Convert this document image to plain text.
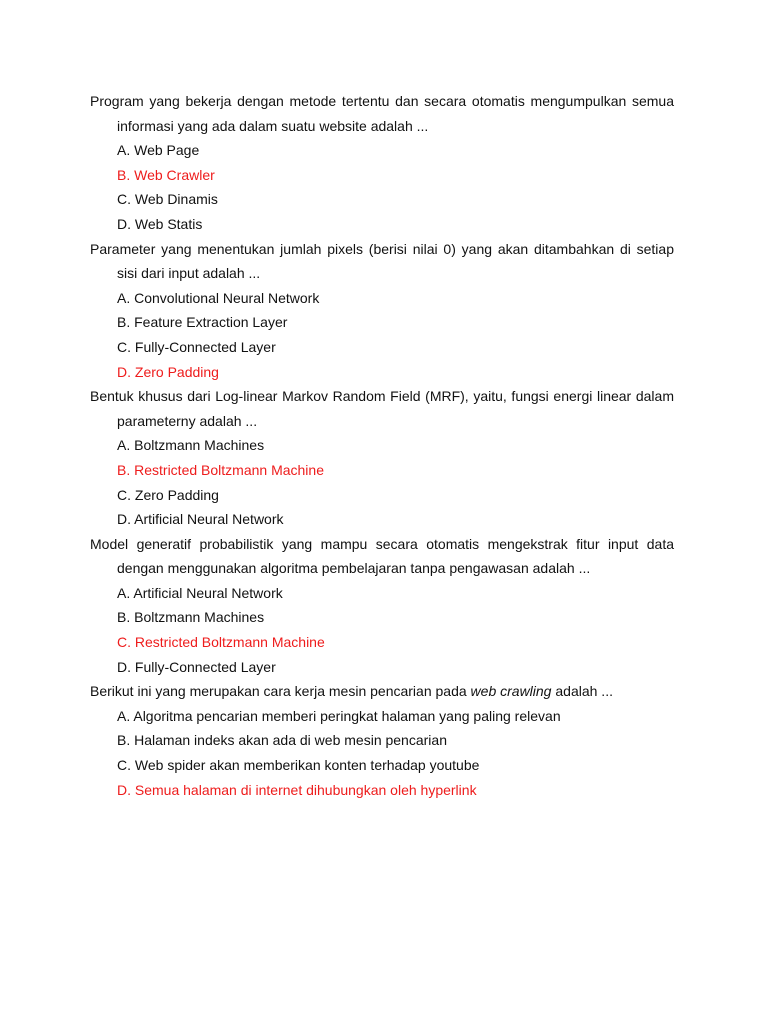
Program yang bekerja dengan metode tertentu dan secara otomatis mengumpulkan semua informasi yang ada dalam suatu website adalah ...

A. Web Page
B. Web Crawler
C. Web Dinamis
D. Web Statis

Parameter yang menentukan jumlah pixels (berisi nilai 0) yang akan ditambahkan di setiap sisi dari input adalah ...

A. Convolutional Neural Network
B. Feature Extraction Layer
C. Fully-Connected Layer
D. Zero Padding

Bentuk khusus dari Log-linear Markov Random Field (MRF), yaitu, fungsi energi linear dalam parameterny adalah ...

A. Boltzmann Machines
B. Restricted Boltzmann Machine
C. Zero Padding
D. Artificial Neural Network

Model generatif probabilistik yang mampu secara otomatis mengekstrak fitur input data dengan menggunakan algoritma pembelajaran tanpa pengawasan adalah ...

A. Artificial Neural Network
B. Boltzmann Machines
C. Restricted Boltzmann Machine
D. Fully-Connected Layer

Berikut ini yang merupakan cara kerja mesin pencarian pada web crawling adalah ...

A. Algoritma pencarian memberi peringkat halaman yang paling relevan
B. Halaman indeks akan ada di web mesin pencarian
C. Web spider akan memberikan konten terhadap youtube
D. Semua halaman di internet dihubungkan oleh hyperlink
